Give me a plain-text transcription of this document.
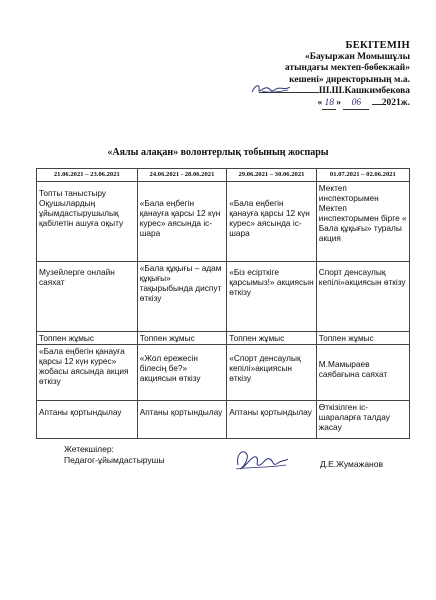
БЕКІТЕМІН
«Бауыржан Момышұлы
атындағы мектеп-бөбекжай»
кешені» директорының м.а.
Ш.Ш.Кашкимбекова
« 18 » 06 2021ж.
«Аялы алақан» волонтерлық тобының жоспары
21.06.2021 – 23.06.2021	24.06.2021 - 28.06.2021	29.06.2021 – 30.06.2021	01.07.2021 – 02.06.2021
Топты таныстыру Оқушылардың ұйымдастырушылық қабілетін ашуға оқыту	«Бала еңбегін қанауға қарсы 12 күн курес» аясында іс-шара	«Бала еңбегін қанауға қарсы 12 күн курес» аясында іс-шара	Мектеп инспекторымен Мектеп инспекторымен бірге « Бала құқығы» туралы акция
Музейлерге онлайн саяхат	«Бала құқығы – адам құқығы» тақырыбында диспут өткізу	«Біз есірткіге қарсымыз!» акциясын өткізу	Спорт денсаулық кепілі»акциясын өткізу
Топпен жұмыс	Топпен жұмыс	Топпен жұмыс	Топпен жұмыс
«Бала еңбегін қанауға қарсы 12 күн курес» жобасы аясында акция өткізу	«Жол ережесін білесің бе?» акциясын өткізу	«Спорт денсаулық кепілі»акциясын өткізу	М.Мамыраев саябағына саяхат
Аптаны қортындылау	Аптаны қортындылау	Аптаны қортындылау	Өткізілген іс-шараларға талдау жасау
Жетекшілер:
Педагог-ұйымдастырушы	Д.Е.Жумажанов
